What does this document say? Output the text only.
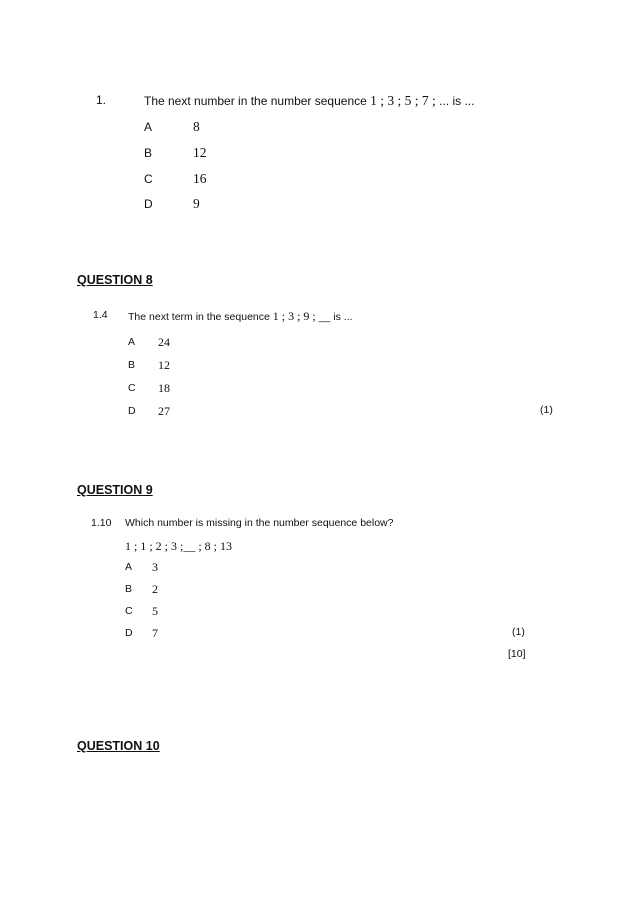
1.	The next number in the number sequence 1 ; 3 ; 5 ; 7 ; ... is ...
A	8
B	12
C	16
D	9
QUESTION 8
1.4 The next term in the sequence 1 ; 3 ; 9 ; __ is ...
A 24
B 12
C 18
D 27	(1)
QUESTION 9
1.10 Which number is missing in the number sequence below?
1 ; 1 ; 2 ; 3 ;__ ; 8 ; 13
A 3
B 2
C 5
D 7	(1)
[10]
QUESTION 10
